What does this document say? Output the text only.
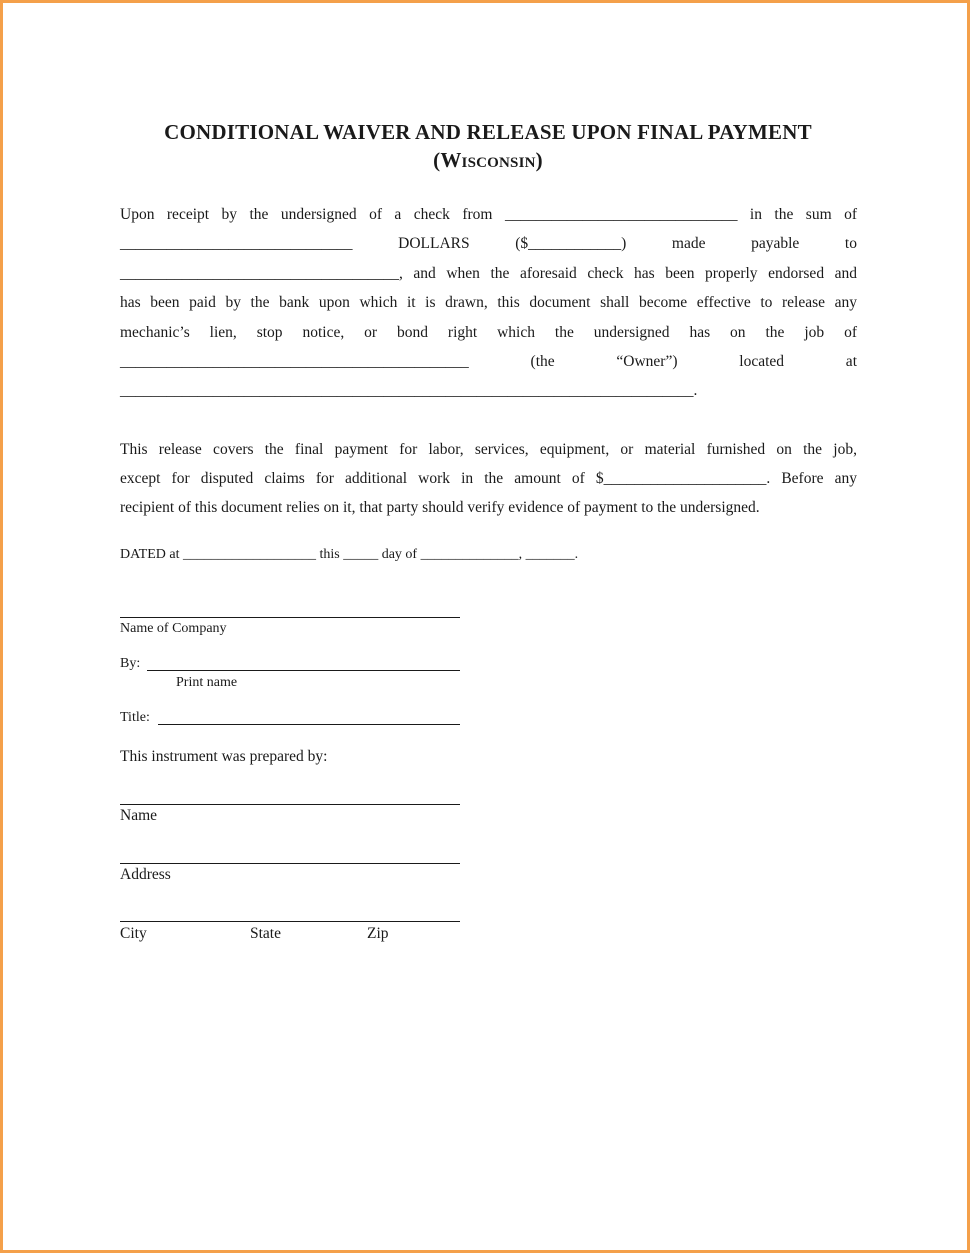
CONDITIONAL WAIVER AND RELEASE UPON FINAL PAYMENT
(WISCONSIN)
Upon receipt by the undersigned of a check from ______________________________ in the sum of
______________________________ DOLLARS ($____________) made payable to
____________________________________, and when the aforesaid check has been properly endorsed and
has been paid by the bank upon which it is drawn, this document shall become effective to release any
mechanic’s lien, stop notice, or bond right which the undersigned has on the job of
_____________________________________________ (the “Owner”) located at
__________________________________________________________________________.
This release covers the final payment for labor, services, equipment, or material furnished on the job,
except for disputed claims for additional work in the amount of $_____________________. Before any
recipient of this document relies on it, that party should verify evidence of payment to the undersigned.
DATED at ___________________ this _____ day of ______________, _______.
Name of Company
By:
Print name
Title:
This instrument was prepared by:
Name
Address
City	State	Zip
